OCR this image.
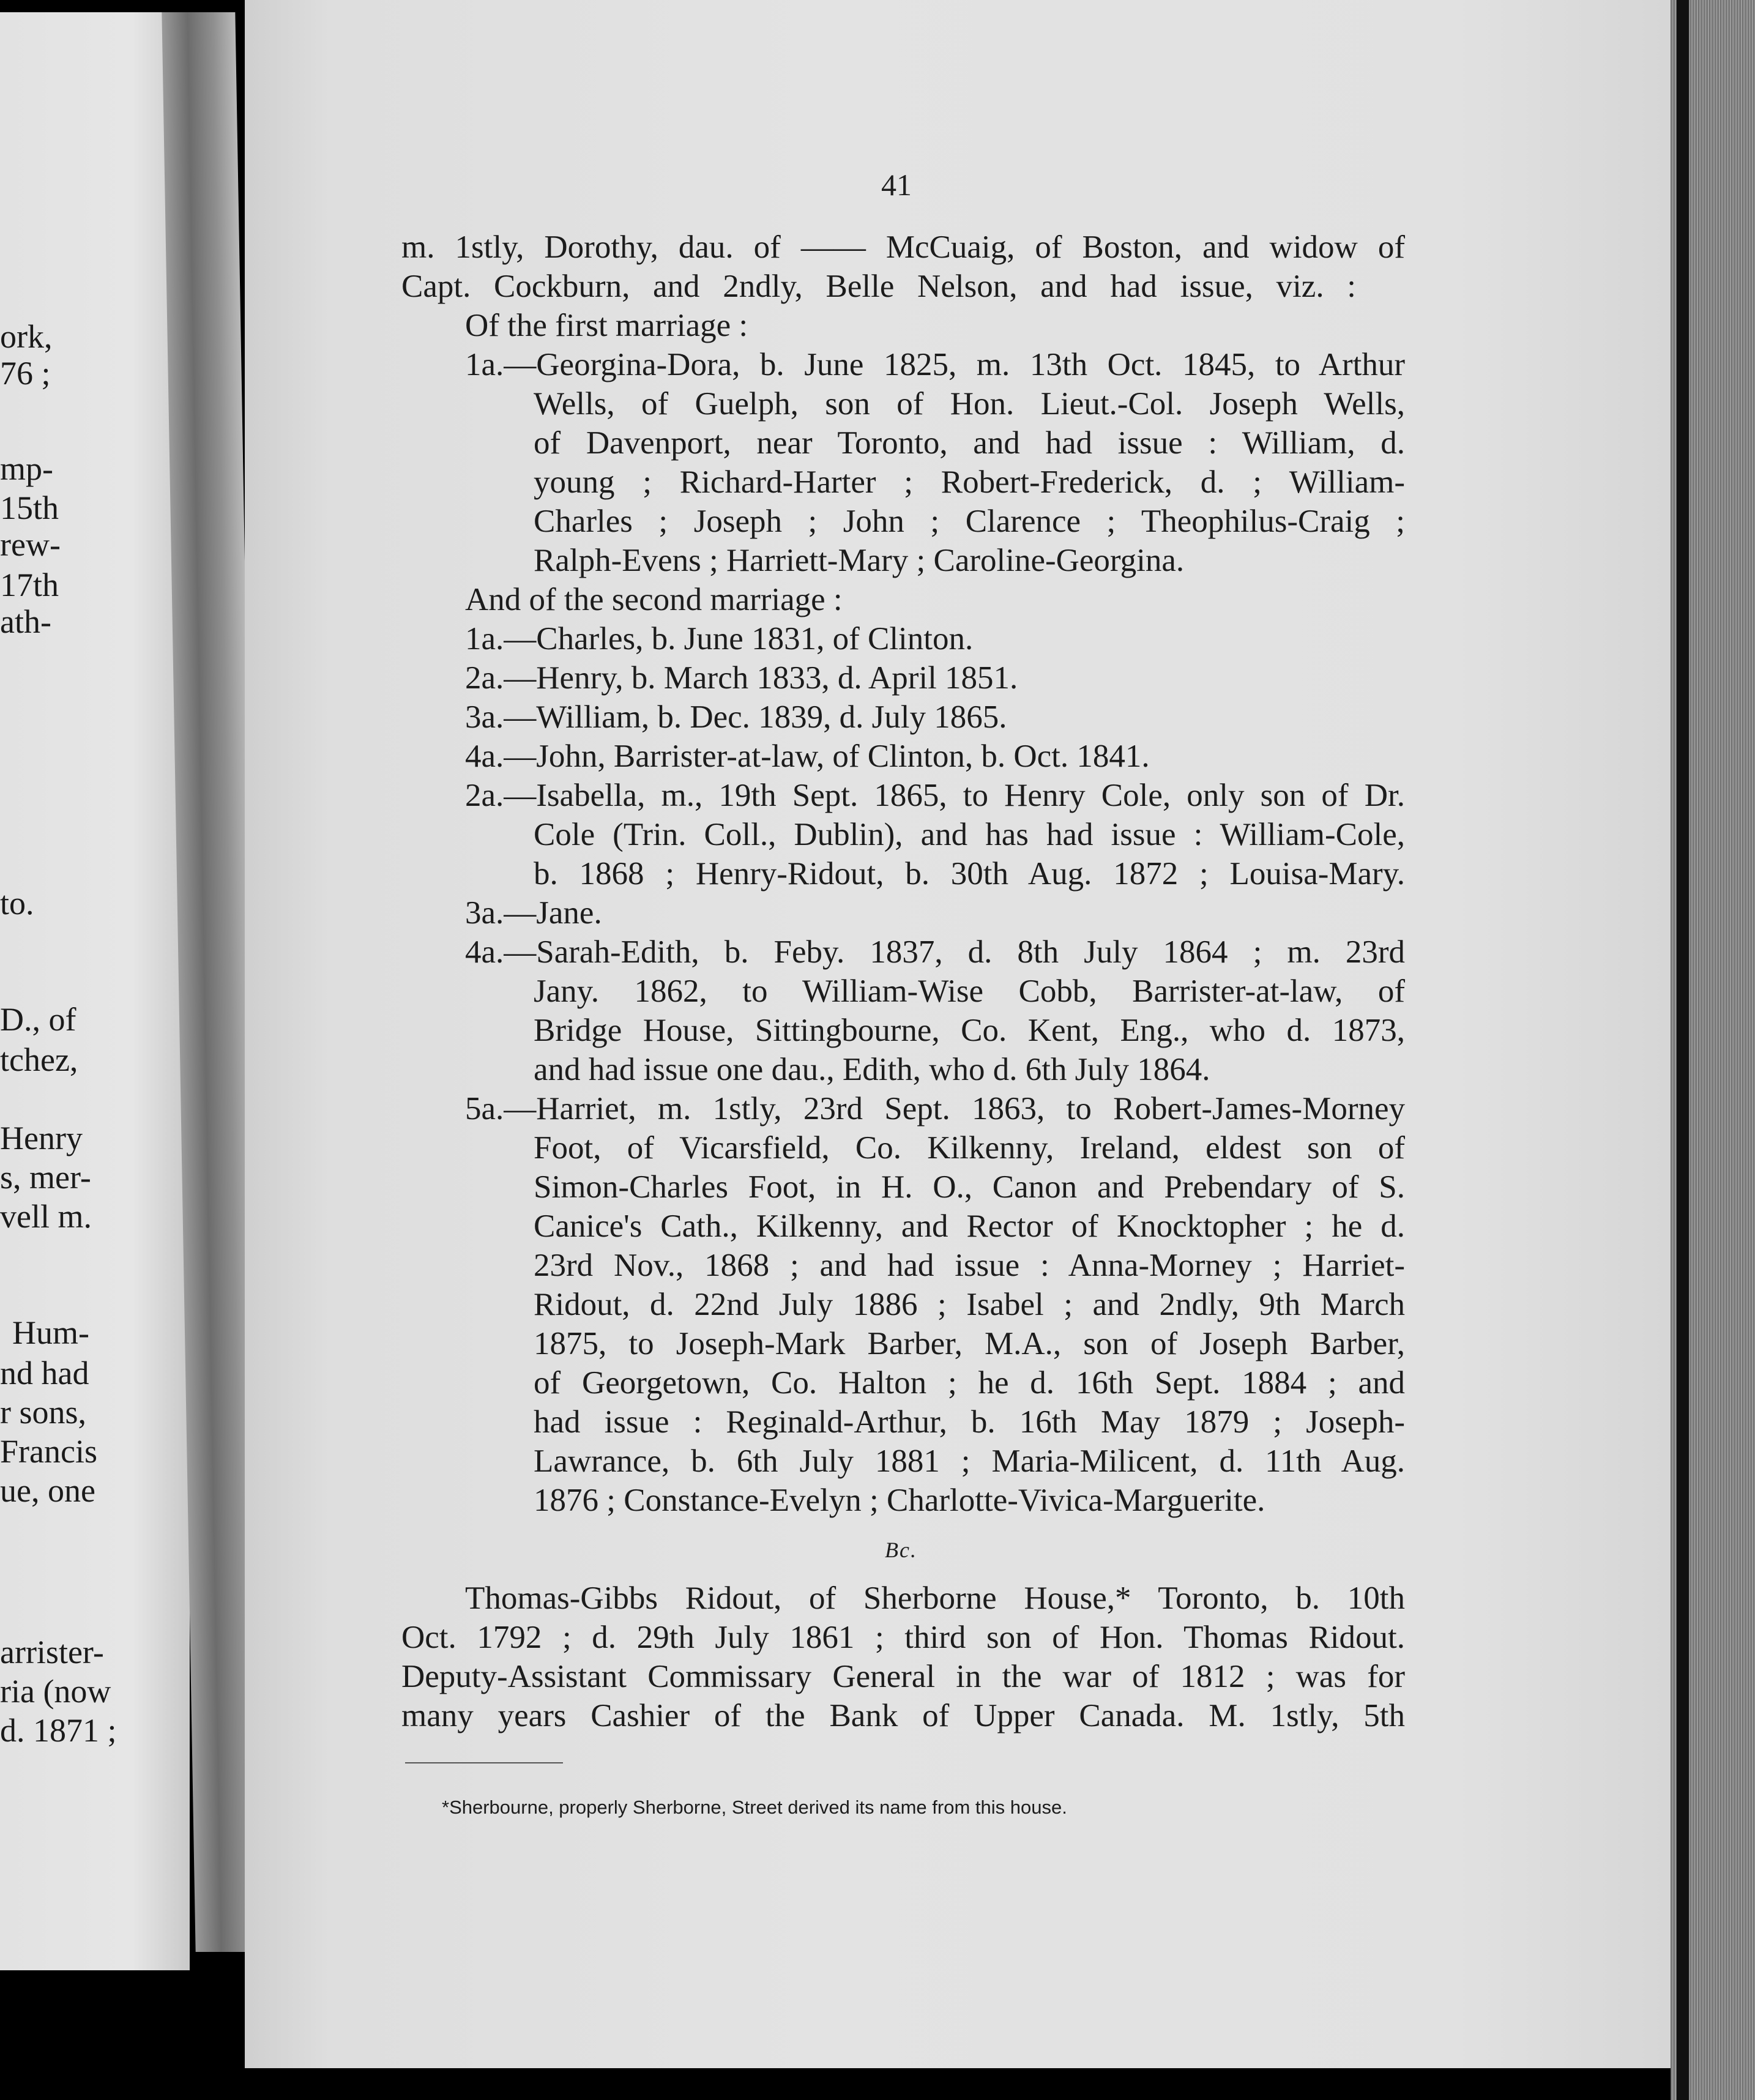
ork,
76 ;
mp-
15th
rew-
17th
ath-
to.
D., of
tchez,
Henry
s, mer-
vell m.
Hum-
nd had
r sons,
Francis
ue, one
arrister-
ria (now
d. 1871 ;
41
m. 1stly, Dorothy, dau. of —— McCuaig, of Boston, and widow of
Capt. Cockburn, and 2ndly, Belle Nelson, and had issue, viz. :
Of the first marriage :
1a.—Georgina-Dora, b. June 1825, m. 13th Oct. 1845, to Arthur
Wells, of Guelph, son of Hon. Lieut.-Col. Joseph Wells,
of Davenport, near Toronto, and had issue : William, d.
young ; Richard-Harter ; Robert-Frederick, d. ; William-
Charles ; Joseph ; John ; Clarence ; Theophilus-Craig ;
Ralph-Evens ; Harriett-Mary ; Caroline-Georgina.
And of the second marriage :
1a.—Charles, b. June 1831, of Clinton.
2a.—Henry, b. March 1833, d. April 1851.
3a.—William, b. Dec. 1839, d. July 1865.
4a.—John, Barrister-at-law, of Clinton, b. Oct. 1841.
2a.—Isabella, m., 19th Sept. 1865, to Henry Cole, only son of Dr.
Cole (Trin. Coll., Dublin), and has had issue : William-Cole,
b. 1868 ; Henry-Ridout, b. 30th Aug. 1872 ; Louisa-Mary.
3a.—Jane.
4a.—Sarah-Edith, b. Feby. 1837, d. 8th July 1864 ; m. 23rd
Jany. 1862, to William-Wise Cobb, Barrister-at-law, of
Bridge House, Sittingbourne, Co. Kent, Eng., who d. 1873,
and had issue one dau., Edith, who d. 6th July 1864.
5a.—Harriet, m. 1stly, 23rd Sept. 1863, to Robert-James-Morney
Foot, of Vicarsfield, Co. Kilkenny, Ireland, eldest son of
Simon-Charles Foot, in H. O., Canon and Prebendary of S.
Canice's Cath., Kilkenny, and Rector of Knocktopher ; he d.
23rd Nov., 1868 ; and had issue : Anna-Morney ; Harriet-
Ridout, d. 22nd July 1886 ; Isabel ; and 2ndly, 9th March
1875, to Joseph-Mark Barber, M.A., son of Joseph Barber,
of Georgetown, Co. Halton ; he d. 16th Sept. 1884 ; and
had issue : Reginald-Arthur, b. 16th May 1879 ; Joseph-
Lawrance, b. 6th July 1881 ; Maria-Milicent, d. 11th Aug.
1876 ; Constance-Evelyn ; Charlotte-Vivica-Marguerite.
Bc.
Thomas-Gibbs Ridout, of Sherborne House,* Toronto, b. 10th
Oct. 1792 ; d. 29th July 1861 ; third son of Hon. Thomas Ridout.
Deputy-Assistant Commissary General in the war of 1812 ; was for
many years Cashier of the Bank of Upper Canada. M. 1stly, 5th
*Sherbourne, properly Sherborne, Street derived its name from this house.
